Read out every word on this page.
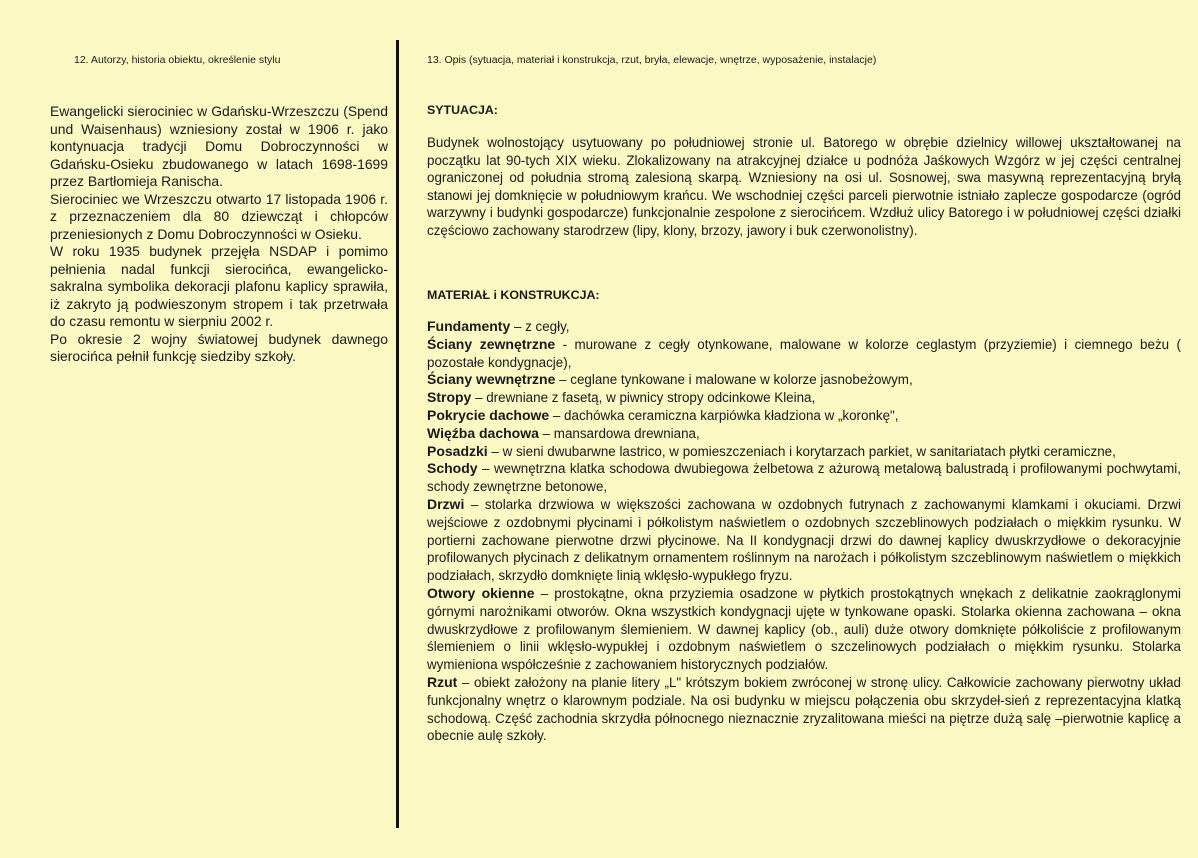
12. Autorzy, historia obiektu, określenie stylu

Ewangelicki sierociniec w Gdańsku-Wrzeszczu (Spend und Waisenhaus) wzniesiony został w 1906 r. jako kontynuacja tradycji Domu Dobroczynności w Gdańsku-Osieku zbudowanego w latach 1698-1699 przez Bartłomieja Ranischa.

Sierociniec we Wrzeszczu otwarto 17 listopada 1906 r. z przeznaczeniem dla 80 dziewcząt i chłopców przeniesionych z Domu Dobroczynności w Osieku.

W roku 1935 budynek przejęła NSDAP i pomimo pełnienia nadal funkcji sierocińca, ewangelicko-sakralna symbolika dekoracji plafonu kaplicy sprawiła, iż zakryto ją podwieszonym stropem i tak przetrwała do czasu remontu w sierpniu 2002 r.

Po okresie 2 wojny światowej budynek dawnego sierocińca pełnił funkcję siedziby szkoły.

13. Opis (sytuacja, materiał i konstrukcja, rzut, bryła, elewacje, wnętrze, wyposażenie, instalacje)
SYTUACJA:
Budynek wolnostojący usytuowany po południowej stronie ul. Batorego w obrębie dzielnicy willowej ukształtowanej na początku lat 90-tych XIX wieku. Zlokalizowany na atrakcyjnej działce u podnóża Jaśkowych Wzgórz w jej części centralnej ograniczonej od południa stromą zalesioną skarpą. Wzniesiony na osi ul. Sosnowej, swa masywną reprezentacyjną bryłą stanowi jej domknięcie w południowym krańcu. We wschodniej części parceli pierwotnie istniało zaplecze gospodarcze (ogród warzywny i budynki gospodarcze) funkcjonalnie zespolone z sierocińcem. Wzdłuż ulicy Batorego i w południowej części działki częściowo zachowany starodrzew (lipy, klony, brzozy, jawory i buk czerwonolistny).
MATERIAŁ i KONSTRUKCJA:

Fundamenty – z cegły,

Ściany zewnętrzne - murowane z cegły otynkowane, malowane w kolorze ceglastym (przyziemie) i ciemnego beżu ( pozostałe kondygnacje),

Ściany wewnętrzne – ceglane tynkowane i malowane w kolorze jasnobeżowym,

Stropy – drewniane z fasetą, w piwnicy stropy odcinkowe Kleina,

Pokrycie dachowe – dachówka ceramiczna karpiówka kładziona w „koronkę",

Więźba dachowa – mansardowa drewniana,

Posadzki – w sieni dwubarwne lastrico, w pomieszczeniach i korytarzach parkiet, w sanitariatach płytki ceramiczne,

Schody – wewnętrzna klatka schodowa dwubiegowa żelbetowa z ażurową metalową balustradą i profilowanymi pochwytami, schody zewnętrzne betonowe,

Drzwi – stolarka drzwiowa w większości zachowana w ozdobnych futrynach z zachowanymi klamkami i okuciami. Drzwi wejściowe z ozdobnymi płycinami i półkolistym naświetlem o ozdobnych szczeblinowych podziałach o miękkim rysunku. W portierni zachowane pierwotne drzwi płycinowe. Na II kondygnacji drzwi do dawnej kaplicy dwuskrzydłowe o dekoracyjnie profilowanych płycinach z delikatnym ornamentem roślinnym na narożach i półkolistym szczeblinowym naświetlem o miękkich podziałach, skrzydło domknięte linią wklęsło-wypukłego fryzu.

Otwory okienne – prostokątne, okna przyziemia osadzone w płytkich prostokątnych wnękach z delikatnie zaokrąglonymi górnymi narożnikami otworów. Okna wszystkich kondygnacji ujęte w tynkowane opaski. Stolarka okienna zachowana – okna dwuskrzydłowe z profilowanym ślemieniem. W dawnej kaplicy (ob., auli) duże otwory domknięte półkoliście z profilowanym ślemieniem o linii wklęsło-wypukłej i ozdobnym naświetlem o szczelinowych podziałach o miękkim rysunku. Stolarka wymieniona współcześnie z zachowaniem historycznych podziałów.

Rzut – obiekt założony na planie litery „L" krótszym bokiem zwróconej w stronę ulicy. Całkowicie zachowany pierwotny układ funkcjonalny wnętrz o klarownym podziale. Na osi budynku w miejscu połączenia obu skrzydeł-sień z reprezentacyjna klatką schodową. Część zachodnia skrzydła północnego nieznacznie zryzalitowana mieści na piętrze dużą salę –pierwotnie kaplicę a obecnie aulę szkoły.
